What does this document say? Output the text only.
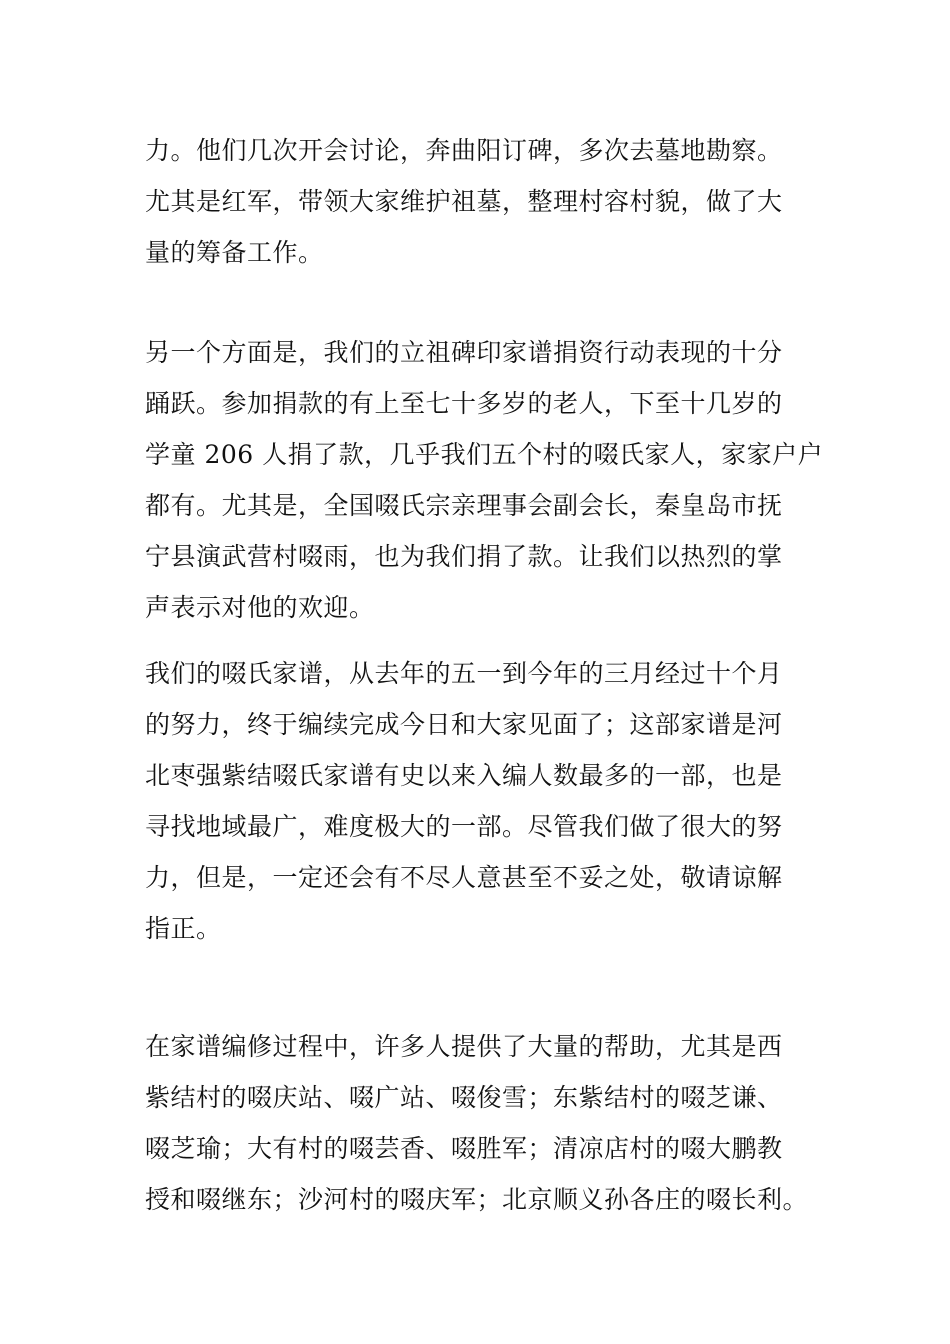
力。他们几次开会讨论，奔曲阳订碑，多次去墓地勘察。
尤其是红军，带领大家维护祖墓，整理村容村貌，做了大
量的筹备工作。

另一个方面是，我们的立祖碑印家谱捐资行动表现的十分
踊跃。参加捐款的有上至七十多岁的老人，下至十几岁的
学童 206 人捐了款，几乎我们五个村的啜氏家人，家家户户
都有。尤其是，全国啜氏宗亲理事会副会长，秦皇岛市抚
宁县演武营村啜雨，也为我们捐了款。让我们以热烈的掌
声表示对他的欢迎。

我们的啜氏家谱，从去年的五一到今年的三月经过十个月
的努力，终于编续完成今日和大家见面了；这部家谱是河
北枣强紫结啜氏家谱有史以来入编人数最多的一部，也是
寻找地域最广，难度极大的一部。尽管我们做了很大的努
力，但是，一定还会有不尽人意甚至不妥之处，敬请谅解
指正。

在家谱编修过程中，许多人提供了大量的帮助，尤其是西
紫结村的啜庆站、啜广站、啜俊雪；东紫结村的啜芝谦、
啜芝瑜；大有村的啜芸香、啜胜军；清凉店村的啜大鹏教
授和啜继东；沙河村的啜庆军；北京顺义孙各庄的啜长利。
